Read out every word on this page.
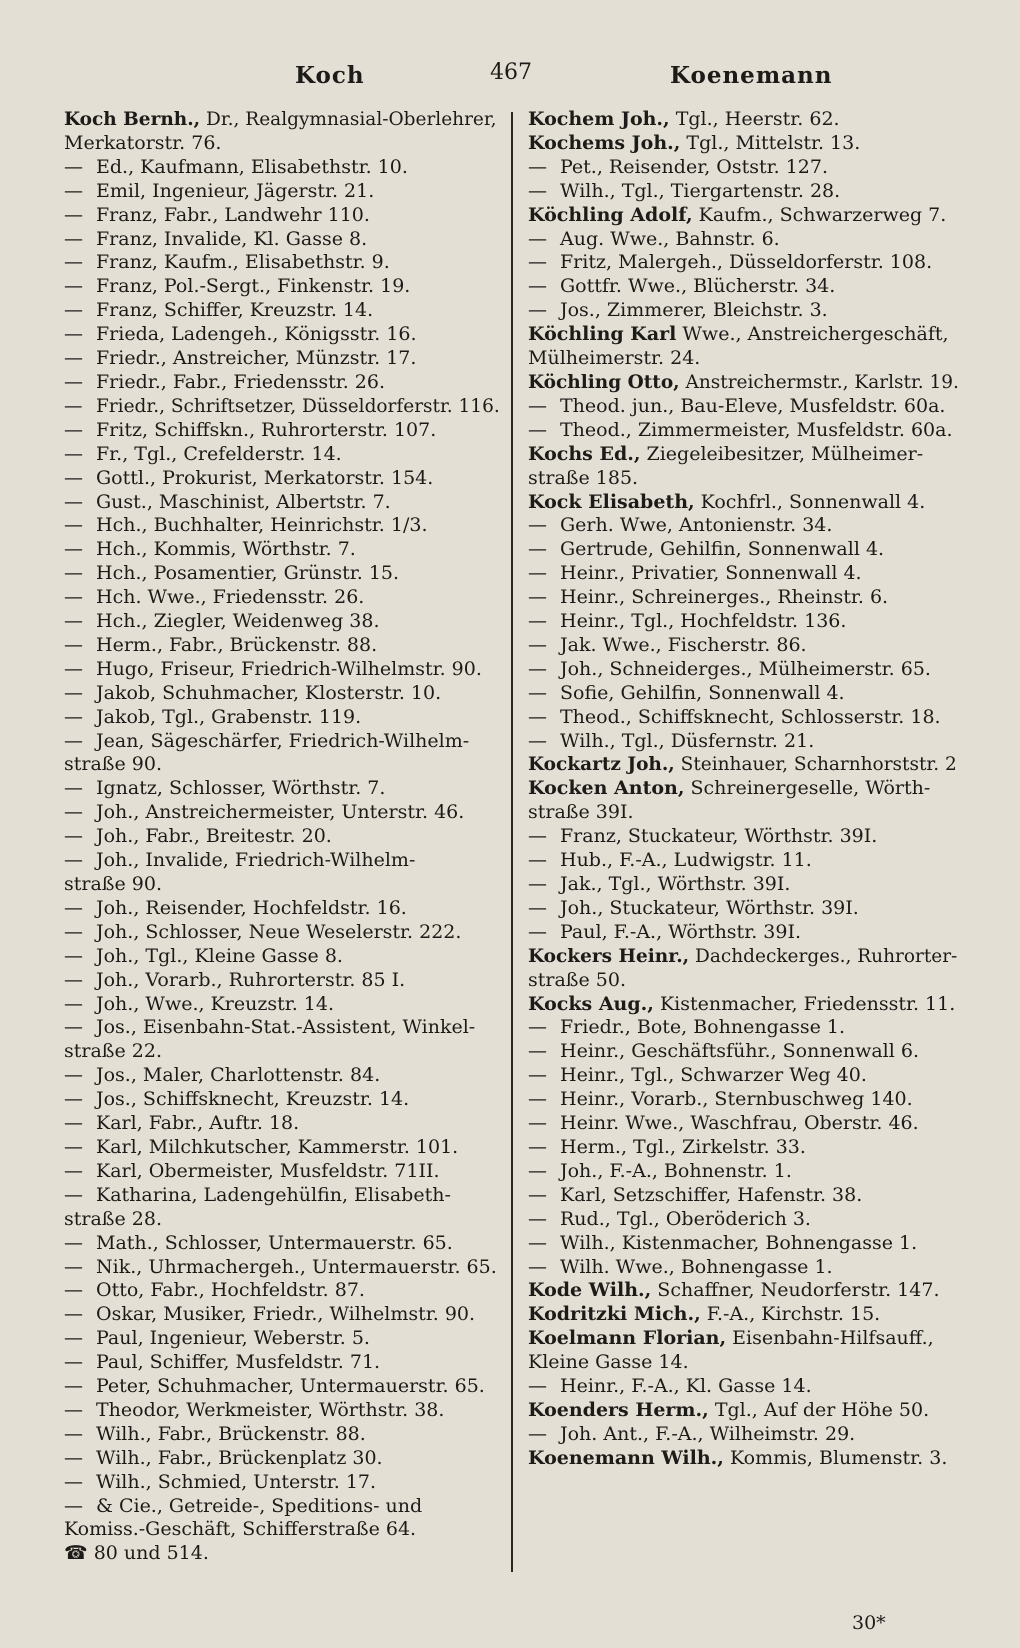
Koch	467	Koenemann
Koch Bernh., Dr., Realgymnasial-Oberlehrer,
Merkatorstr. 76.
— Ed., Kaufmann, Elisabethstr. 10.
— Emil, Ingenieur, Jägerstr. 21.
— Franz, Fabr., Landwehr 110.
— Franz, Invalide, Kl. Gasse 8.
— Franz, Kaufm., Elisabethstr. 9.
— Franz, Pol.-Sergt., Finkenstr. 19.
— Franz, Schiffer, Kreuzstr. 14.
— Frieda, Ladengeh., Königsstr. 16.
— Friedr., Anstreicher, Münzstr. 17.
— Friedr., Fabr., Friedensstr. 26.
— Friedr., Schriftsetzer, Düsseldorferstr. 116.
— Fritz, Schiffskn., Ruhrorterstr. 107.
— Fr., Tgl., Crefelderstr. 14.
— Gottl., Prokurist, Merkatorstr. 154.
— Gust., Maschinist, Albertstr. 7.
— Hch., Buchhalter, Heinrichstr. 1/3.
— Hch., Kommis, Wörthstr. 7.
— Hch., Posamentier, Grünstr. 15.
— Hch. Wwe., Friedensstr. 26.
— Hch., Ziegler, Weidenweg 38.
— Herm., Fabr., Brückenstr. 88.
— Hugo, Friseur, Friedrich-Wilhelmstr. 90.
— Jakob, Schuhmacher, Klosterstr. 10.
— Jakob, Tgl., Grabenstr. 119.
— Jean, Sägeschärfer, Friedrich-Wilhelm-
straße 90.
— Ignatz, Schlosser, Wörthstr. 7.
— Joh., Anstreichermeister, Unterstr. 46.
— Joh., Fabr., Breitestr. 20.
— Joh., Invalide, Friedrich-Wilhelm-
straße 90.
— Joh., Reisender, Hochfeldstr. 16.
— Joh., Schlosser, Neue Weselerstr. 222.
— Joh., Tgl., Kleine Gasse 8.
— Joh., Vorarb., Ruhrorterstr. 85 I.
— Joh., Wwe., Kreuzstr. 14.
— Jos., Eisenbahn-Stat.-Assistent, Winkel-
straße 22.
— Jos., Maler, Charlottenstr. 84.
— Jos., Schiffsknecht, Kreuzstr. 14.
— Karl, Fabr., Auftr. 18.
— Karl, Milchkutscher, Kammerstr. 101.
— Karl, Obermeister, Musfeldstr. 71II.
— Katharina, Ladengehülfin, Elisabeth-
straße 28.
— Math., Schlosser, Untermauerstr. 65.
— Nik., Uhrmachergeh., Untermauerstr. 65.
— Otto, Fabr., Hochfeldstr. 87.
— Oskar, Musiker, Friedr., Wilhelmstr. 90.
— Paul, Ingenieur, Weberstr. 5.
— Paul, Schiffer, Musfeldstr. 71.
— Peter, Schuhmacher, Untermauerstr. 65.
— Theodor, Werkmeister, Wörthstr. 38.
— Wilh., Fabr., Brückenstr. 88.
— Wilh., Fabr., Brückenplatz 30.
— Wilh., Schmied, Unterstr. 17.
— & Cie., Getreide-, Speditions- und
Komiss.-Geschäft, Schifferstraße 64.
☎ 80 und 514.
Kochem Joh., Tgl., Heerstr. 62.
Kochems Joh., Tgl., Mittelstr. 13.
— Pet., Reisender, Oststr. 127.
— Wilh., Tgl., Tiergartenstr. 28.
Köchling Adolf, Kaufm., Schwarzerweg 7.
— Aug. Wwe., Bahnstr. 6.
— Fritz, Malergeh., Düsseldorferstr. 108.
— Gottfr. Wwe., Blücherstr. 34.
— Jos., Zimmerer, Bleichstr. 3.
Köchling Karl Wwe., Anstreichergeschäft,
Mülheimerstr. 24.
Köchling Otto, Anstreichermstr., Karlstr. 19.
— Theod. jun., Bau-Eleve, Musfeldstr. 60a.
— Theod., Zimmermeister, Musfeldstr. 60a.
Kochs Ed., Ziegeleibesitzer, Mülheimer-
straße 185.
Kock Elisabeth, Kochfrl., Sonnenwall 4.
— Gerh. Wwe, Antonienstr. 34.
— Gertrude, Gehilfin, Sonnenwall 4.
— Heinr., Privatier, Sonnenwall 4.
— Heinr., Schreinerges., Rheinstr. 6.
— Heinr., Tgl., Hochfeldstr. 136.
— Jak. Wwe., Fischerstr. 86.
— Joh., Schneiderges., Mülheimerstr. 65.
— Sofie, Gehilfin, Sonnenwall 4.
— Theod., Schiffsknecht, Schlosserstr. 18.
— Wilh., Tgl., Düsfernstr. 21.
Kockartz Joh., Steinhauer, Scharnhorststr. 2
Kocken Anton, Schreinergeselle, Wörth-
straße 39I.
— Franz, Stuckateur, Wörthstr. 39I.
— Hub., F.-A., Ludwigstr. 11.
— Jak., Tgl., Wörthstr. 39I.
— Joh., Stuckateur, Wörthstr. 39I.
— Paul, F.-A., Wörthstr. 39I.
Kockers Heinr., Dachdeckerges., Ruhrorter-
straße 50.
Kocks Aug., Kistenmacher, Friedensstr. 11.
— Friedr., Bote, Bohnengasse 1.
— Heinr., Geschäftsführ., Sonnenwall 6.
— Heinr., Tgl., Schwarzer Weg 40.
— Heinr., Vorarb., Sternbuschweg 140.
— Heinr. Wwe., Waschfrau, Oberstr. 46.
— Herm., Tgl., Zirkelstr. 33.
— Joh., F.-A., Bohnenstr. 1.
— Karl, Setzschiffer, Hafenstr. 38.
— Rud., Tgl., Oberöderich 3.
— Wilh., Kistenmacher, Bohnengasse 1.
— Wilh. Wwe., Bohnengasse 1.
Kode Wilh., Schaffner, Neudorferstr. 147.
Kodritzki Mich., F.-A., Kirchstr. 15.
Koelmann Florian, Eisenbahn-Hilfsauff.,
Kleine Gasse 14.
— Heinr., F.-A., Kl. Gasse 14.
Koenders Herm., Tgl., Auf der Höhe 50.
— Joh. Ant., F.-A., Wilheimstr. 29.
Koenemann Wilh., Kommis, Blumenstr. 3.
30*
